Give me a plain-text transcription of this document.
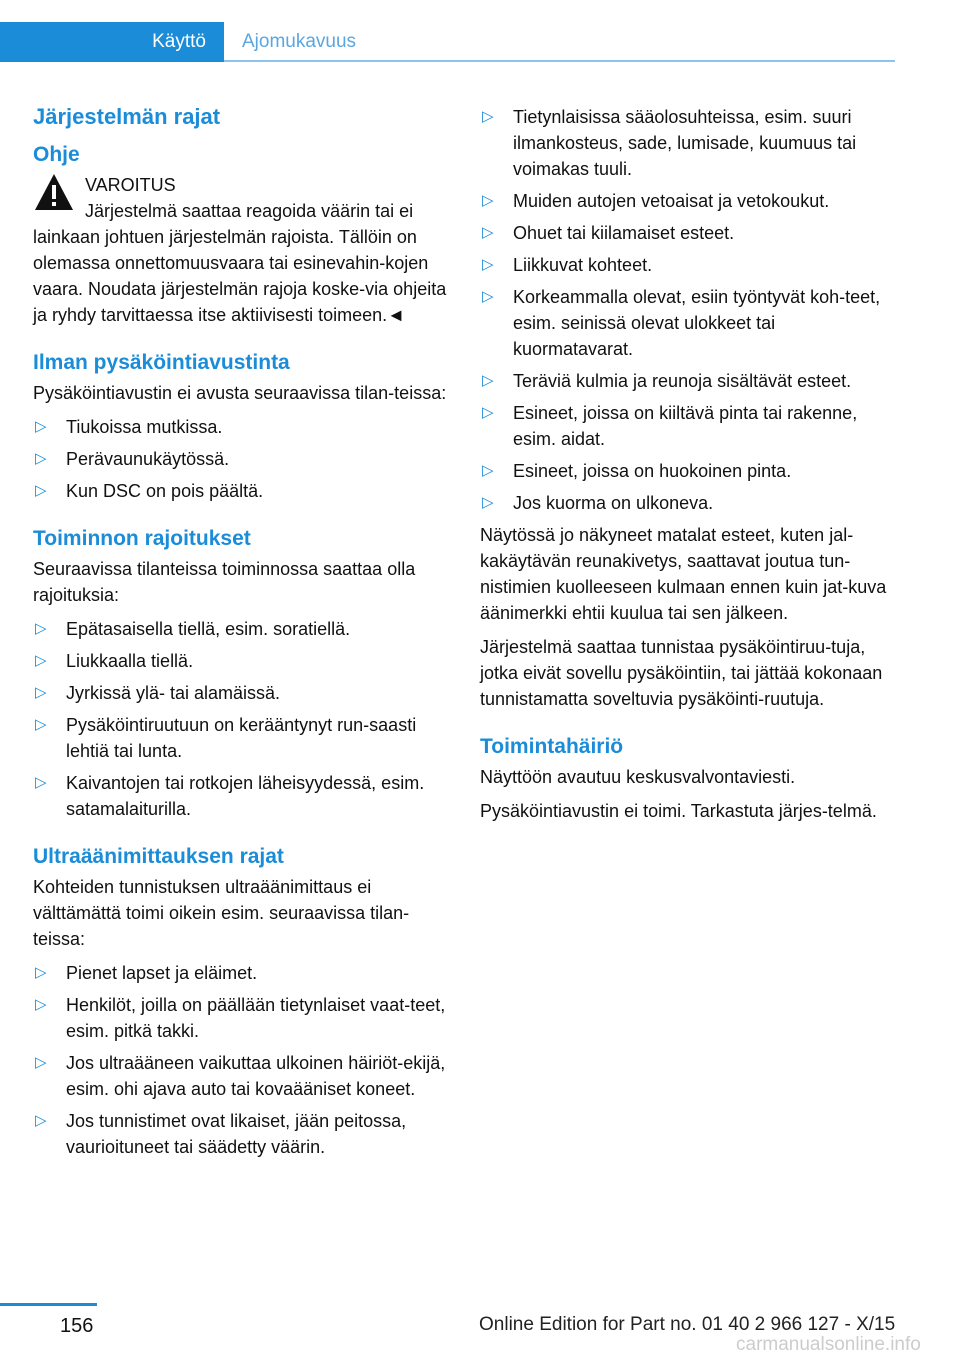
Käyttö Ajomukavuus
Järjestelmän rajat
Ohje
VAROITUS
Järjestelmä saattaa reagoida väärin tai ei lainkaan johtuen järjestelmän rajoista. Tällöin on olemassa onnettomuusvaara tai esinevahin-kojen vaara. Noudata järjestelmän rajoja koske-via ohjeita ja ryhdy tarvittaessa itse aktiivisesti toimeen.◄
Ilman pysäköintiavustinta

Pysäköintiavustin ei avusta seuraavissa tilan-teissa:

▷ Tiukoissa mutkissa.
▷ Perävaunukäytössä.
▷ Kun DSC on pois päältä.
Toiminnon rajoitukset

Seuraavissa tilanteissa toiminnossa saattaa olla rajoituksia:

▷ Epätasaisella tiellä, esim. soratiellä.
▷ Liukkaalla tiellä.
▷ Jyrkissä ylä- tai alamäissä.
▷ Pysäköintiruutuun on kerääntynyt run-saasti lehtiä tai lunta.
▷ Kaivantojen tai rotkojen läheisyydessä, esim. satamalaiturilla.
Ultraäänimittauksen rajat

Kohteiden tunnistuksen ultraäänimittaus ei välttämättä toimi oikein esim. seuraavissa tilan-teissa:

▷ Pienet lapset ja eläimet.
▷ Henkilöt, joilla on päällään tietynlaiset vaat-teet, esim. pitkä takki.
▷ Jos ultraääneen vaikuttaa ulkoinen häiriöt-ekijä, esim. ohi ajava auto tai kovaääniset koneet.
▷ Jos tunnistimet ovat likaiset, jään peitossa, vaurioituneet tai säädetty väärin.
▷ Tietynlaisissa sääolosuhteissa, esim. suuri ilmankosteus, sade, lumisade, kuumuus tai voimakas tuuli.
▷ Muiden autojen vetoaisat ja vetokoukut.
▷ Ohuet tai kiilamaiset esteet.
▷ Liikkuvat kohteet.
▷ Korkeammalla olevat, esiin työntyvät koh-teet, esim. seinissä olevat ulokkeet tai kuormatavarat.
▷ Teräviä kulmia ja reunoja sisältävät esteet.
▷ Esineet, joissa on kiiltävä pinta tai rakenne, esim. aidat.
▷ Esineet, joissa on huokoinen pinta.
▷ Jos kuorma on ulkoneva.

Näytössä jo näkyneet matalat esteet, kuten jal-kakäytävän reunakivetys, saattavat joutua tun-nistimien kuolleeseen kulmaan ennen kuin jat-kuva äänimerkki ehtii kuulua tai sen jälkeen.

Järjestelmä saattaa tunnistaa pysäköintiruu-tuja, jotka eivät sovellu pysäköintiin, tai jättää kokonaan tunnistamatta soveltuvia pysäköinti-ruutuja.

Toimintahäiriö

Näyttöön avautuu keskusvalvontaviesti.

Pysäköintiavustin ei toimi. Tarkastuta järjes-telmä.

156	Online Edition for Part no. 01 40 2 966 127 - X/15
carmanualsonline.info
